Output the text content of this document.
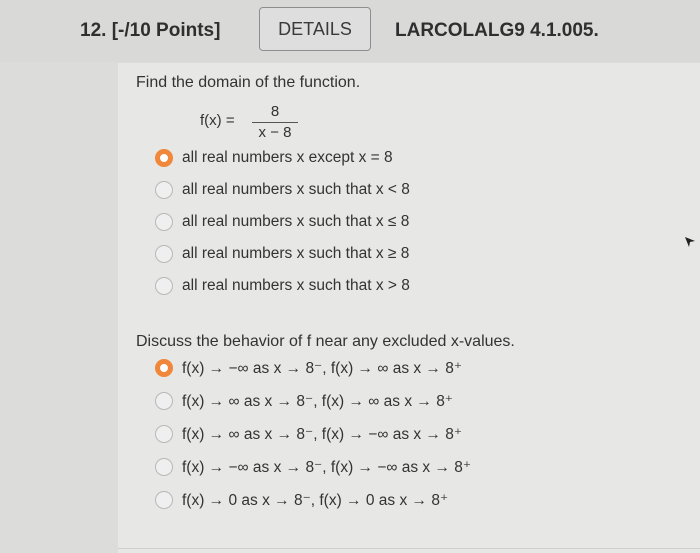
12. [-/10 Points]	DETAILS	LARCOLALG9 4.1.005.
Find the domain of the function.
f(x) =
8
x − 8
all real numbers x except x = 8
all real numbers x such that x < 8
all real numbers x such that x ≤ 8
all real numbers x such that x ≥ 8
all real numbers x such that x > 8
Discuss the behavior of f near any excluded x-values.
f(x) → −∞ as x → 8⁻, f(x) → ∞ as x → 8⁺
f(x) → ∞ as x → 8⁻, f(x) → ∞ as x → 8⁺
f(x) → ∞ as x → 8⁻, f(x) → −∞ as x → 8⁺
f(x) → −∞ as x → 8⁻, f(x) → −∞ as x → 8⁺
f(x) → 0 as x → 8⁻, f(x) → 0 as x → 8⁺
